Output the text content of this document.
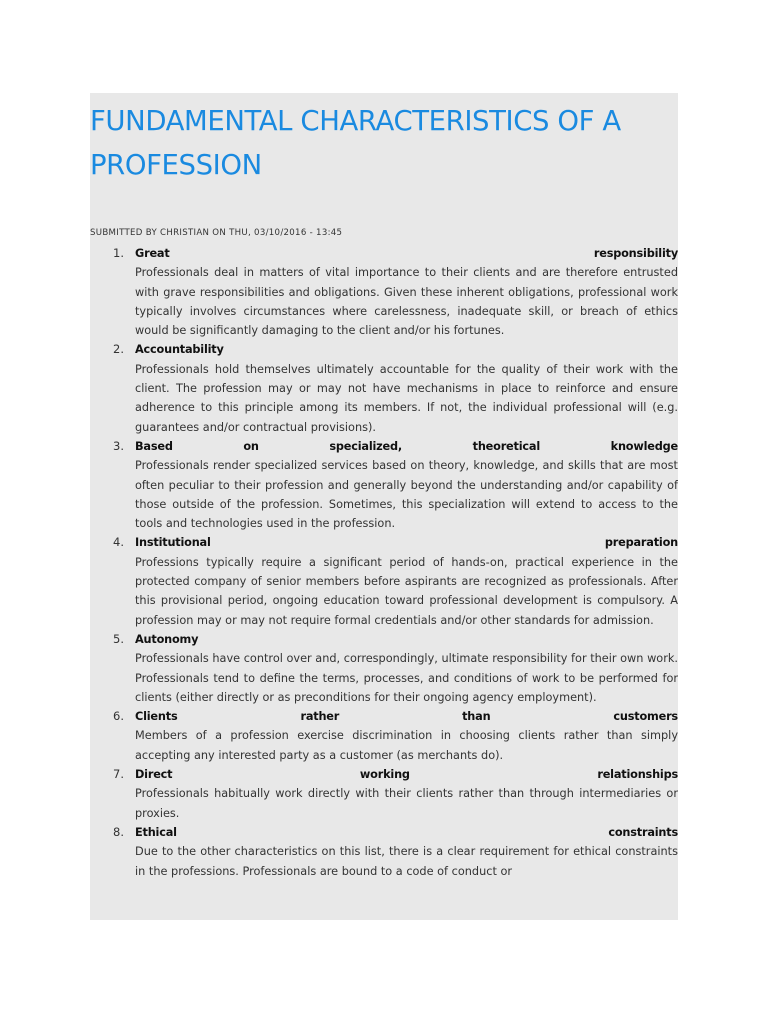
FUNDAMENTAL CHARACTERISTICS OF A
PROFESSION
SUBMITTED BY CHRISTIAN ON THU, 03/10/2016 - 13:45
1. Great	responsibility

Professionals deal in matters of vital importance to their clients and are therefore entrusted with grave responsibilities and obligations. Given these inherent obligations, professional work typically involves circumstances where carelessness, inadequate skill, or breach of ethics would be significantly damaging to the client and/or his fortunes.

2. Accountability

Professionals hold themselves ultimately accountable for the quality of their work with the client. The profession may or may not have mechanisms in place to reinforce and ensure adherence to this principle among its members. If not, the individual professional will (e.g. guarantees and/or contractual provisions).

3. Based	on	specialized,	theoretical	knowledge

Professionals render specialized services based on theory, knowledge, and skills that are most often peculiar to their profession and generally beyond the understanding and/or capability of those outside of the profession. Sometimes, this specialization will extend to access to the tools and technologies used in the profession.

4. Institutional	preparation

Professions typically require a significant period of hands-on, practical experience in the protected company of senior members before aspirants are recognized as professionals. After this provisional period, ongoing education toward professional development is compulsory. A profession may or may not require formal credentials and/or other standards for admission.

5. Autonomy

Professionals have control over and, correspondingly, ultimate responsibility for their own work. Professionals tend to define the terms, processes, and conditions of work to be performed for clients (either directly or as preconditions for their ongoing agency employment).

6. Clients	rather	than	customers

Members of a profession exercise discrimination in choosing clients rather than simply accepting any interested party as a customer (as merchants do).

7. Direct	working	relationships

Professionals habitually work directly with their clients rather than through intermediaries or proxies.

8. Ethical	constraints

Due to the other characteristics on this list, there is a clear requirement for ethical constraints in the professions. Professionals are bound to a code of conduct or
